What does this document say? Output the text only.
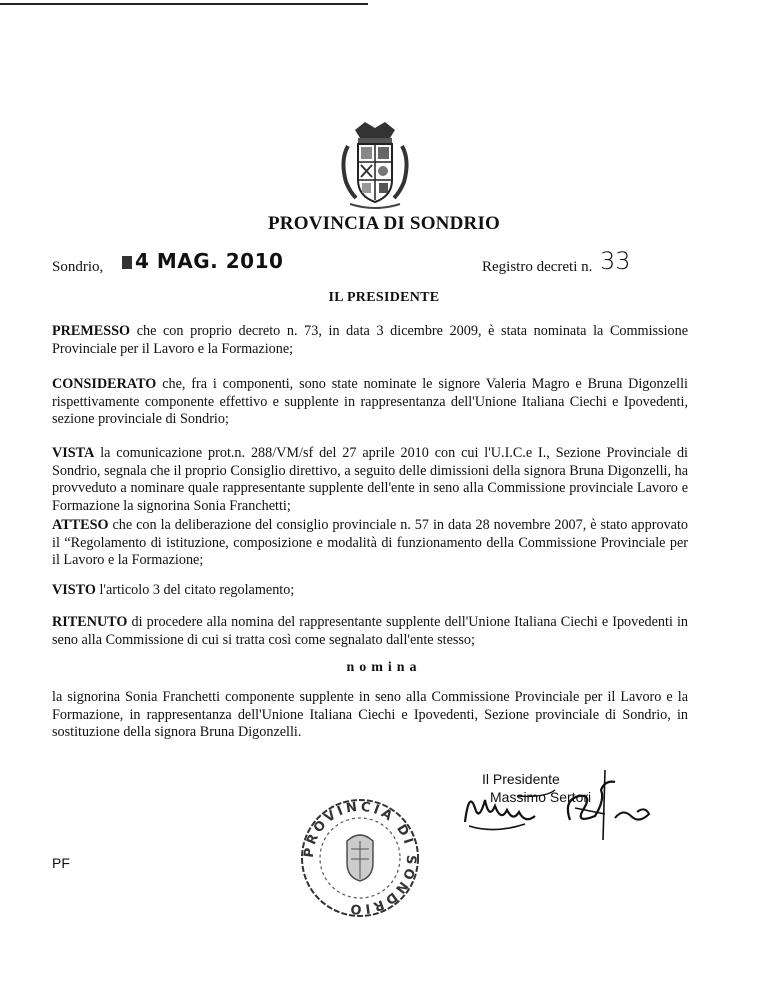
PROVINCIA DI SONDRIO
Sondrio,	4 MAG. 2010	Registro decreti n. 33
IL PRESIDENTE
PREMESSO che con proprio decreto n. 73, in data 3 dicembre 2009, è stata nominata la Commissione Provinciale per il Lavoro e la Formazione;
CONSIDERATO che, fra i componenti, sono state nominate le signore Valeria Magro e Bruna Digonzelli rispettivamente componente effettivo e supplente in rappresentanza dell'Unione Italiana Ciechi e Ipovedenti, sezione provinciale di Sondrio;
VISTA la comunicazione prot.n. 288/VM/sf del 27 aprile 2010 con cui l'U.I.C.e I., Sezione Provinciale di Sondrio, segnala che il proprio Consiglio direttivo, a seguito delle dimissioni della signora Bruna Digonzelli, ha provveduto a nominare quale rappresentante supplente dell'ente in seno alla Commissione provinciale Lavoro e Formazione la signorina Sonia Franchetti;
ATTESO che con la deliberazione del consiglio provinciale n. 57 in data 28 novembre 2007, è stato approvato il “Regolamento di istituzione, composizione e modalità di funzionamento della Commissione Provinciale per il Lavoro e la Formazione;
VISTO l'articolo 3 del citato regolamento;
RITENUTO di procedere alla nomina del rappresentante supplente dell'Unione Italiana Ciechi e Ipovedenti in seno alla Commissione di cui si tratta così come segnalato dall'ente stesso;
nomina
la signorina Sonia Franchetti componente supplente in seno alla Commissione Provinciale per il Lavoro e la Formazione, in rappresentanza dell'Unione Italiana Ciechi e Ipovedenti, Sezione provinciale di Sondrio, in sostituzione della signora Bruna Digonzelli.
Il Presidente
Massimo Sertori
PF
PROVINCIA DI SONDRIO
